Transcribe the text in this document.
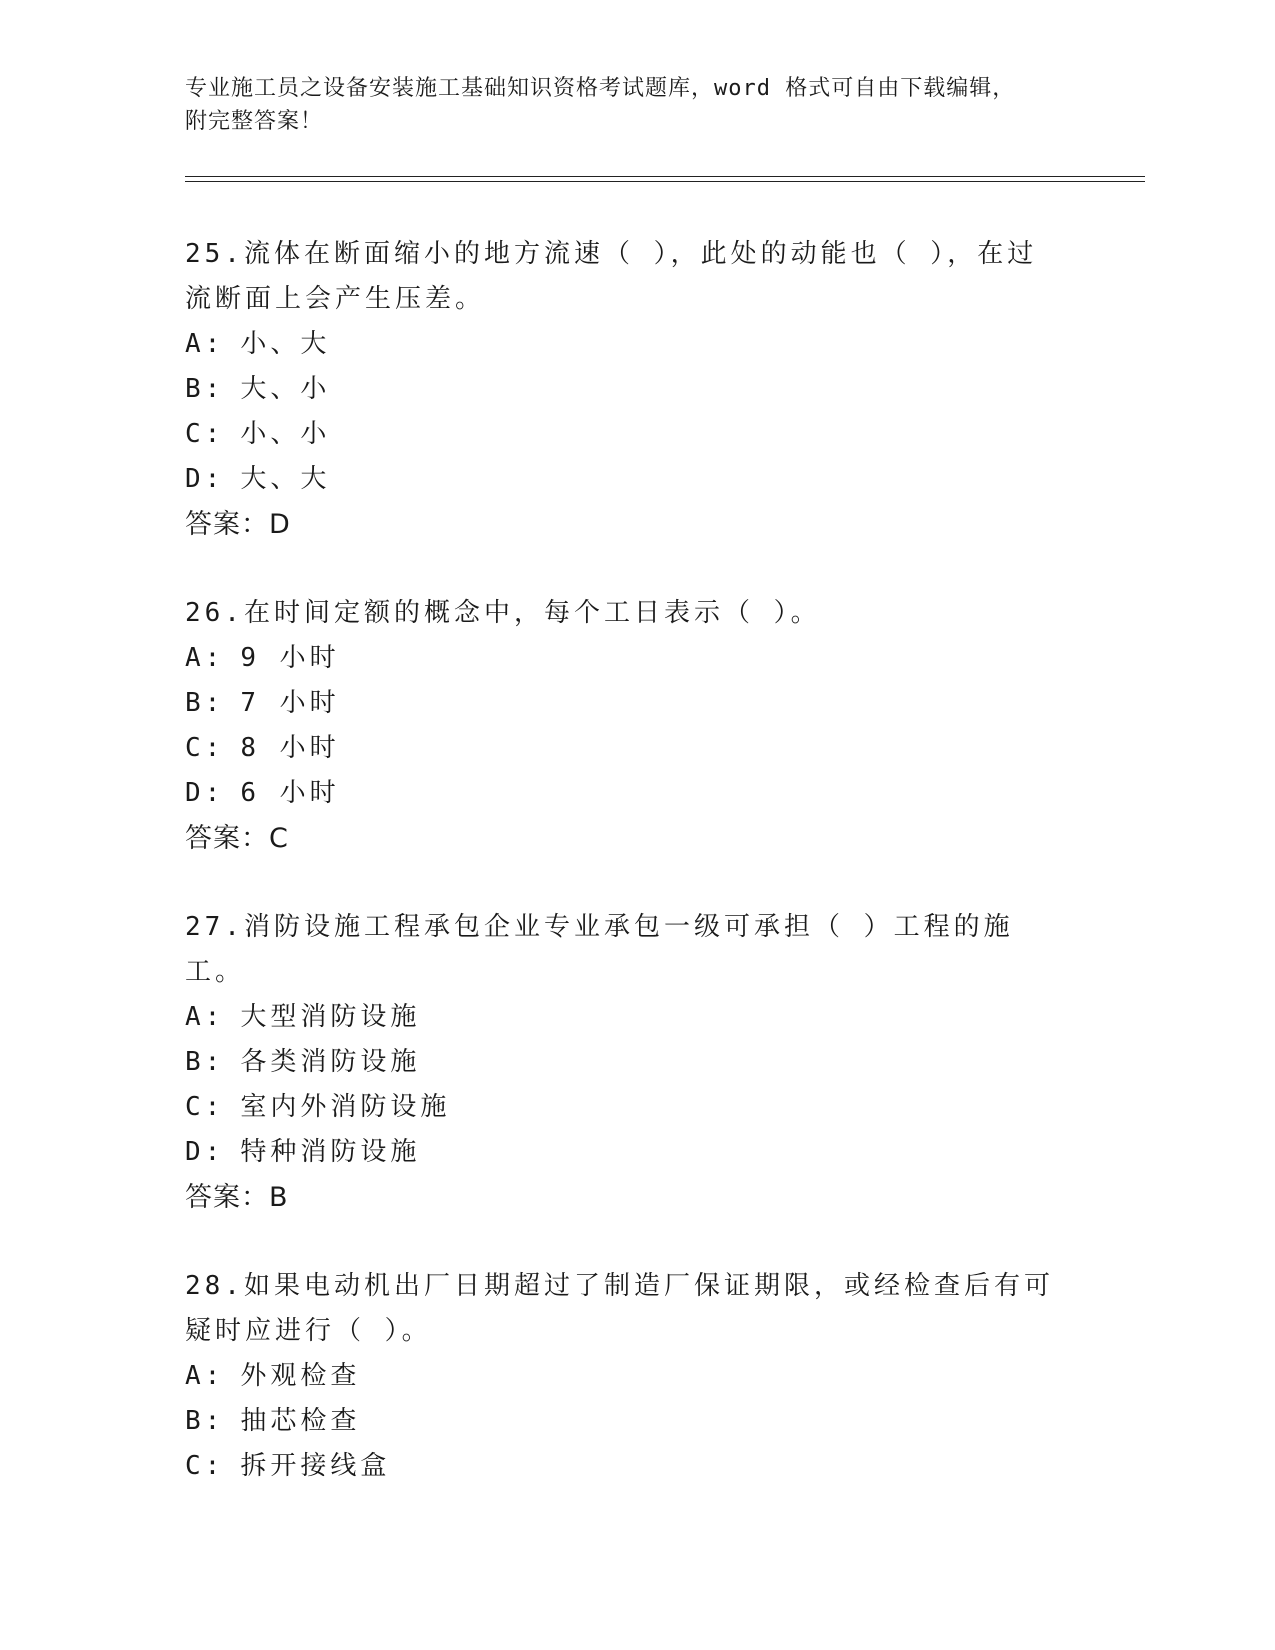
专业施工员之设备安装施工基础知识资格考试题库，word 格式可自由下载编辑，

附完整答案！

25.流体在断面缩小的地方流速（ ），此处的动能也（ ），在过流断面上会产生压差。

A: 小、大

B: 大、小

C: 小、小

D: 大、大

答案：D

26.在时间定额的概念中，每个工日表示（ ）。

A: 9 小时

B: 7 小时

C: 8 小时

D: 6 小时

答案：C

27.消防设施工程承包企业专业承包一级可承担（ ）工程的施工。

A: 大型消防设施

B: 各类消防设施

C: 室内外消防设施

D: 特种消防设施

答案：B

28.如果电动机出厂日期超过了制造厂保证期限，或经检查后有可疑时应进行（ ）。

A: 外观检查

B: 抽芯检查

C: 拆开接线盒
